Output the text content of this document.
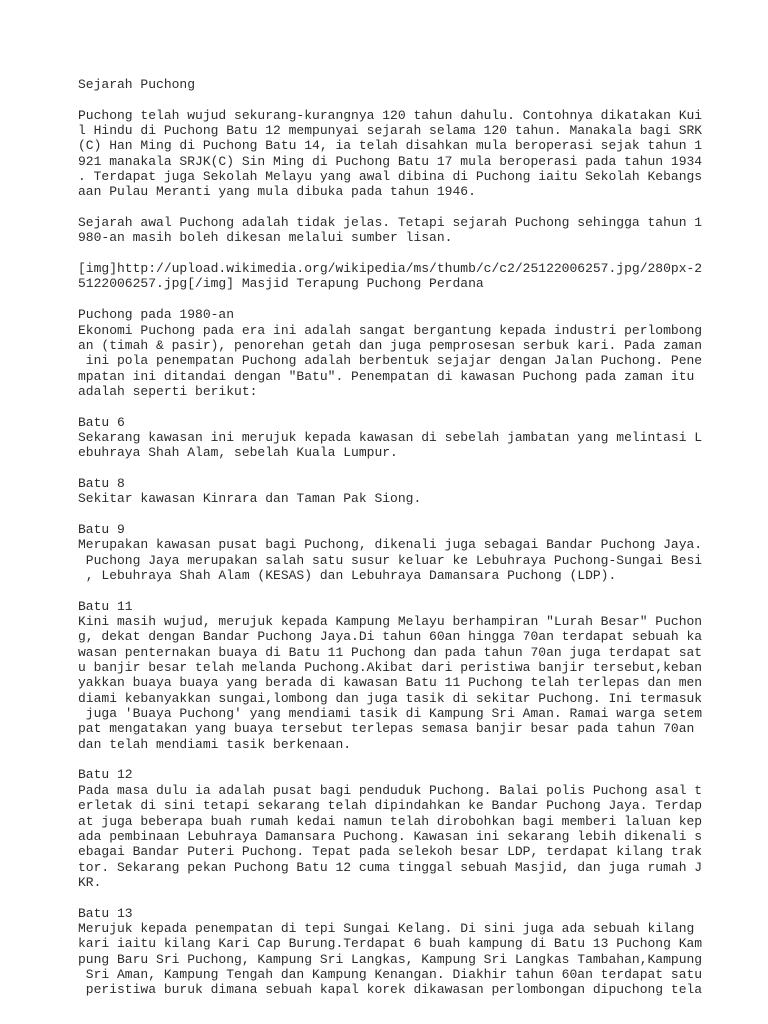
Sejarah Puchong
Puchong telah wujud sekurang-kurangnya 120 tahun dahulu. Contohnya dikatakan Kui
l Hindu di Puchong Batu 12 mempunyai sejarah selama 120 tahun. Manakala bagi SRK
(C) Han Ming di Puchong Batu 14, ia telah disahkan mula beroperasi sejak tahun 1
921 manakala SRJK(C) Sin Ming di Puchong Batu 17 mula beroperasi pada tahun 1934
. Terdapat juga Sekolah Melayu yang awal dibina di Puchong iaitu Sekolah Kebangs
aan Pulau Meranti yang mula dibuka pada tahun 1946.
Sejarah awal Puchong adalah tidak jelas. Tetapi sejarah Puchong sehingga tahun 1
980-an masih boleh dikesan melalui sumber lisan.
[img]http://upload.wikimedia.org/wikipedia/ms/thumb/c/c2/25122006257.jpg/280px-2
5122006257.jpg[/img] Masjid Terapung Puchong Perdana
Puchong pada 1980-an
Ekonomi Puchong pada era ini adalah sangat bergantung kepada industri perlombong
an (timah & pasir), penorehan getah dan juga pemprosesan serbuk kari. Pada zaman
ini pola penempatan Puchong adalah berbentuk sejajar dengan Jalan Puchong. Pene
mpatan ini ditandai dengan "Batu". Penempatan di kawasan Puchong pada zaman itu
adalah seperti berikut:
Batu 6
Sekarang kawasan ini merujuk kepada kawasan di sebelah jambatan yang melintasi L
ebuhraya Shah Alam, sebelah Kuala Lumpur.
Batu 8
Sekitar kawasan Kinrara dan Taman Pak Siong.
Batu 9
Merupakan kawasan pusat bagi Puchong, dikenali juga sebagai Bandar Puchong Jaya.
Puchong Jaya merupakan salah satu susur keluar ke Lebuhraya Puchong-Sungai Besi
, Lebuhraya Shah Alam (KESAS) dan Lebuhraya Damansara Puchong (LDP).
Batu 11
Kini masih wujud, merujuk kepada Kampung Melayu berhampiran "Lurah Besar" Puchon
g, dekat dengan Bandar Puchong Jaya.Di tahun 60an hingga 70an terdapat sebuah ka
wasan penternakan buaya di Batu 11 Puchong dan pada tahun 70an juga terdapat sat
u banjir besar telah melanda Puchong.Akibat dari peristiwa banjir tersebut,keban
yakkan buaya buaya yang berada di kawasan Batu 11 Puchong telah terlepas dan men
diami kebanyakkan sungai,lombong dan juga tasik di sekitar Puchong. Ini termasuk
juga 'Buaya Puchong' yang mendiami tasik di Kampung Sri Aman. Ramai warga setem
pat mengatakan yang buaya tersebut terlepas semasa banjir besar pada tahun 70an
dan telah mendiami tasik berkenaan.
Batu 12
Pada masa dulu ia adalah pusat bagi penduduk Puchong. Balai polis Puchong asal t
erletak di sini tetapi sekarang telah dipindahkan ke Bandar Puchong Jaya. Terdap
at juga beberapa buah rumah kedai namun telah dirobohkan bagi memberi laluan kep
ada pembinaan Lebuhraya Damansara Puchong. Kawasan ini sekarang lebih dikenali s
ebagai Bandar Puteri Puchong. Tepat pada selekoh besar LDP, terdapat kilang trak
tor. Sekarang pekan Puchong Batu 12 cuma tinggal sebuah Masjid, dan juga rumah J
KR.
Batu 13
Merujuk kepada penempatan di tepi Sungai Kelang. Di sini juga ada sebuah kilang
kari iaitu kilang Kari Cap Burung.Terdapat 6 buah kampung di Batu 13 Puchong Kam
pung Baru Sri Puchong, Kampung Sri Langkas, Kampung Sri Langkas Tambahan,Kampung
Sri Aman, Kampung Tengah dan Kampung Kenangan. Diakhir tahun 60an terdapat satu
peristiwa buruk dimana sebuah kapal korek dikawasan perlombongan dipuchong tela
